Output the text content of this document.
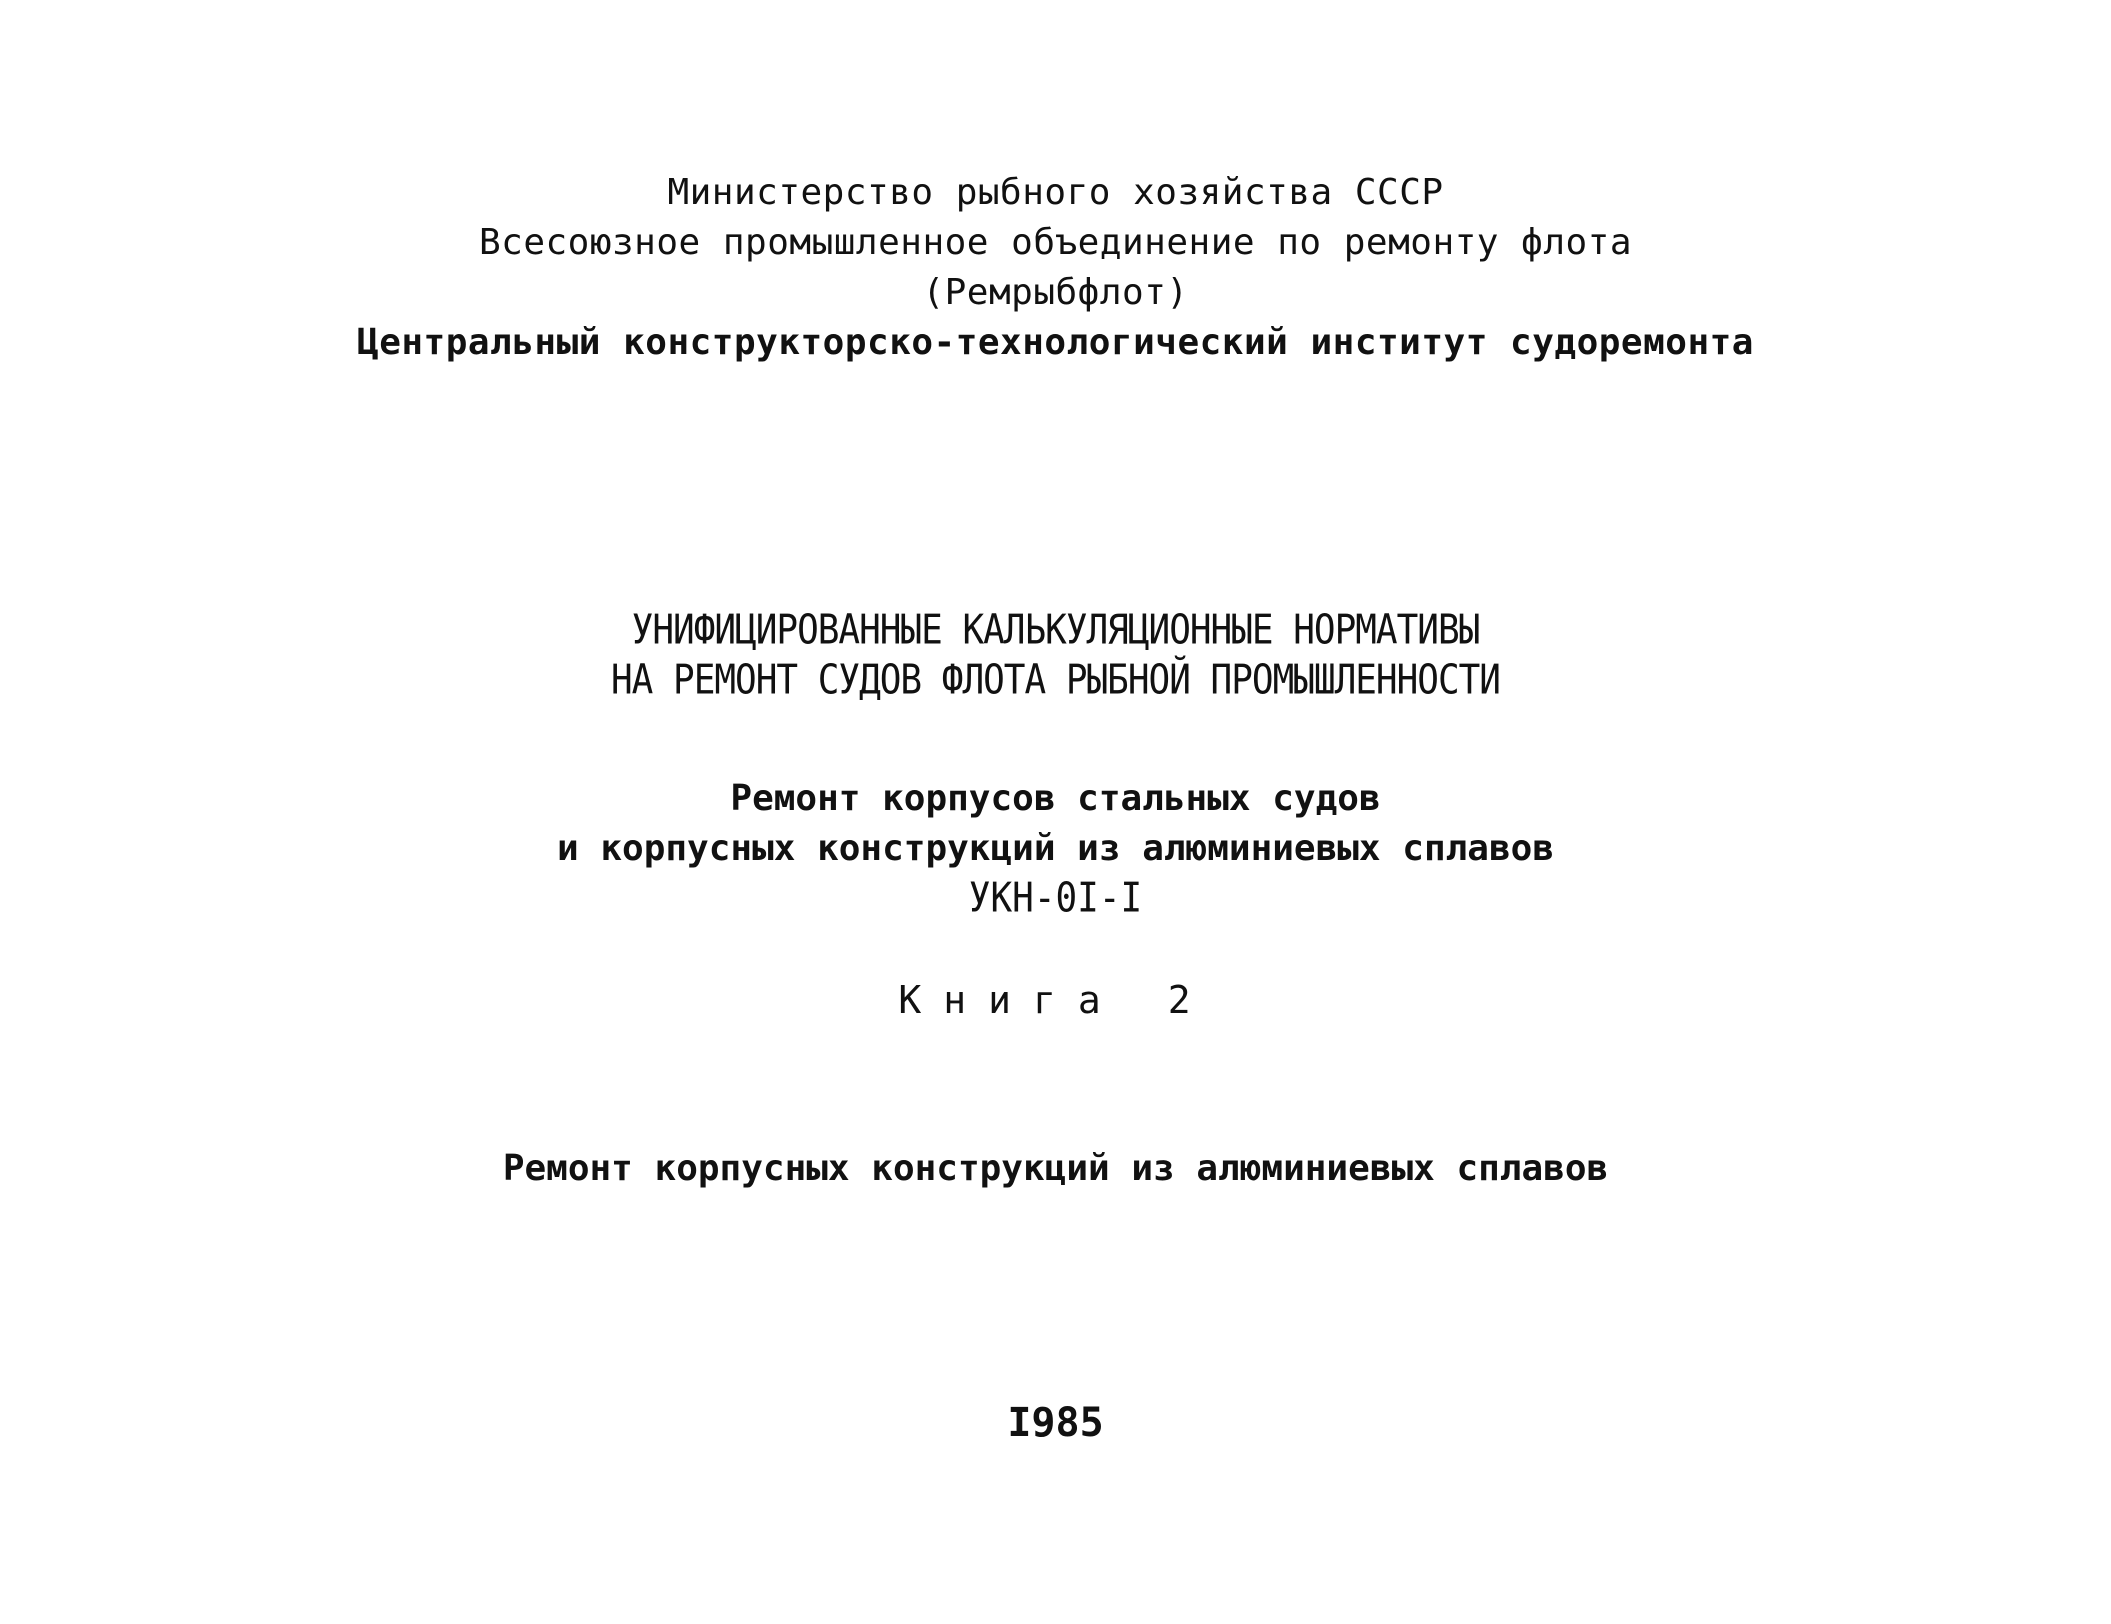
Министерство рыбного хозяйства СССР
Всесоюзное промышленное объединение по ремонту флота
(Ремрыбфлот)
Центральный конструкторско-технологический институт судоремонта
УНИФИЦИРОВАННЫЕ КАЛЬКУЛЯЦИОННЫЕ НОРМАТИВЫ
НА РЕМОНТ СУДОВ ФЛОТА РЫБНОЙ ПРОМЫШЛЕННОСТИ
Ремонт корпусов стальных судов
и корпусных конструкций из алюминиевых сплавов
УКН-0I-I
Книга 2
Ремонт корпусных конструкций из алюминиевых сплавов
I985
